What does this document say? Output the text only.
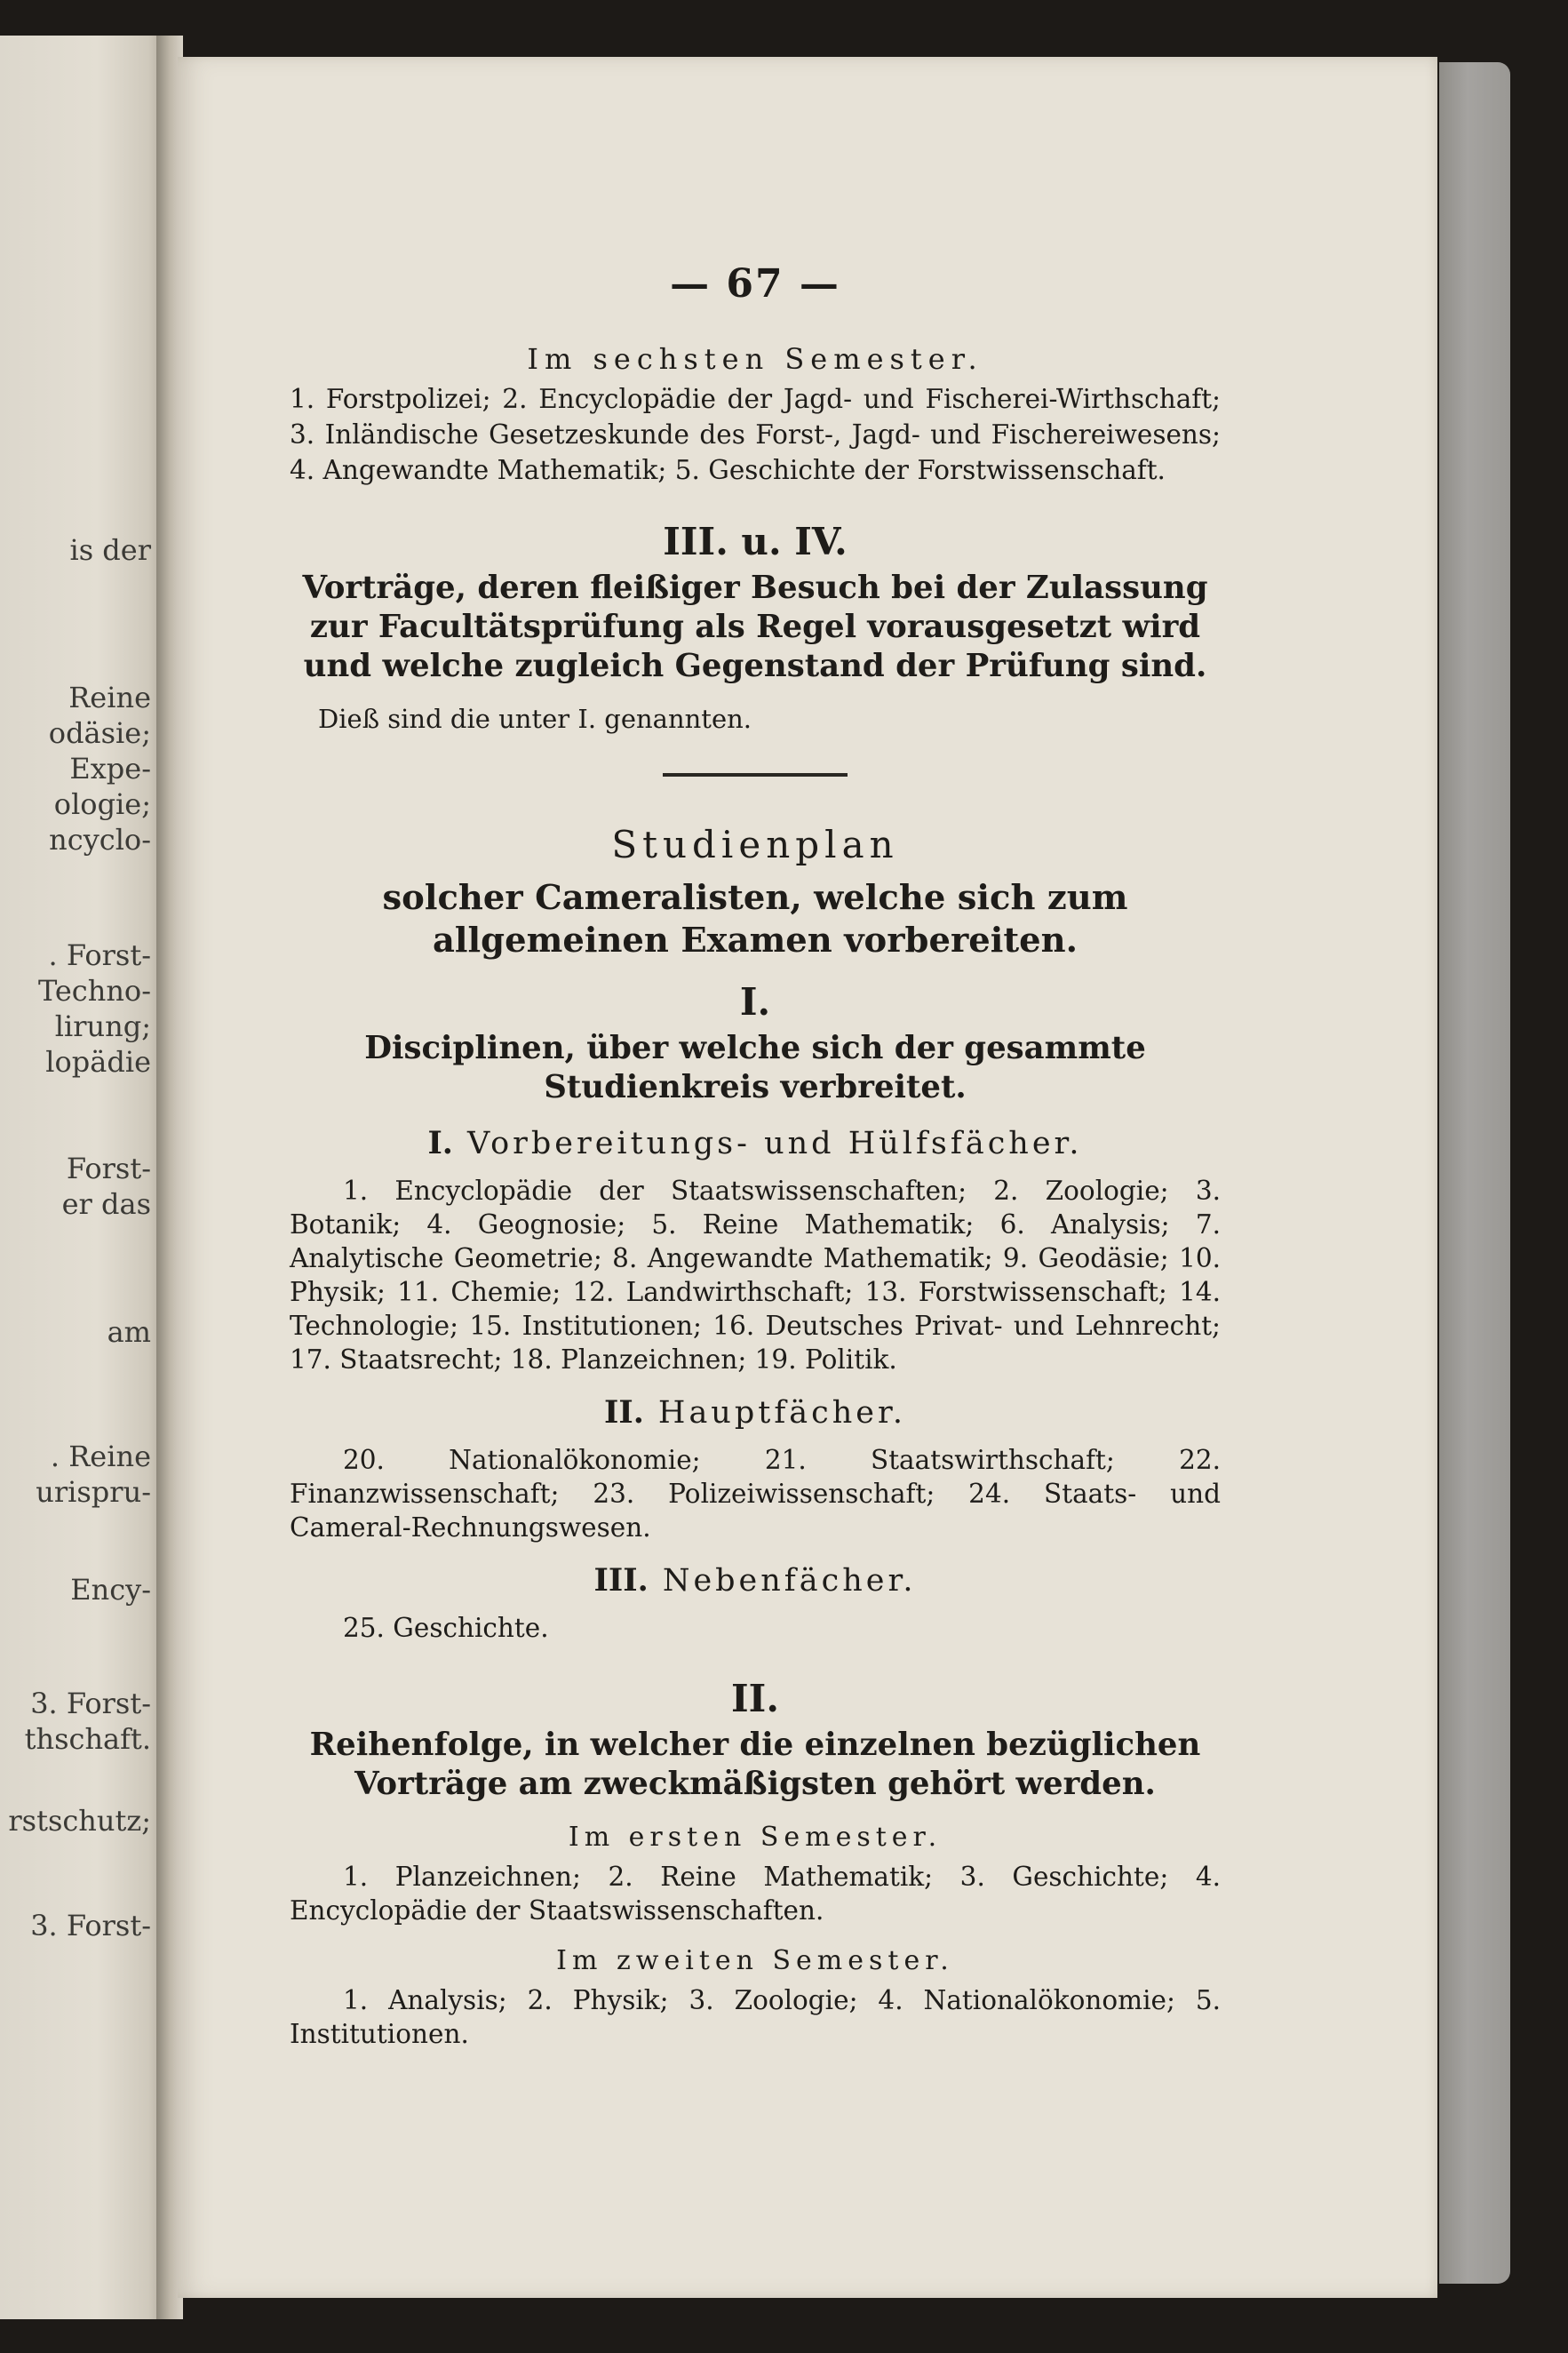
is der
Reine
odäsie;
Expe-
ologie;
ncyclo-
. Forst-
Techno-
lirung;
lopädie
Forst-
er das
am
. Reine
urispru-
Ency-
3. Forst-
thschaft.
rstschutz;
3. Forst-
— 67 —

Im sechsten Semester.

1. Forstpolizei; 2. Encyclopädie der Jagd- und Fischerei-Wirthschaft; 3. Inländische Gesetzeskunde des Forst-, Jagd- und Fischereiwesens; 4. Angewandte Mathematik; 5. Geschichte der Forstwissenschaft.

III. u. IV.

Vorträge, deren fleißiger Besuch bei der Zulassung zur Facultätsprüfung als Regel vorausgesetzt wird und welche zugleich Gegenstand der Prüfung sind.

Dieß sind die unter I. genannten.

Studienplan

solcher Cameralisten, welche sich zum allgemeinen Examen vorbereiten.

I.

Disciplinen, über welche sich der gesammte Studienkreis verbreitet.

I. Vorbereitungs- und Hülfsfächer.

1. Encyclopädie der Staatswissenschaften; 2. Zoologie; 3. Botanik; 4. Geognosie; 5. Reine Mathematik; 6. Analysis; 7. Analytische Geometrie; 8. Angewandte Mathematik; 9. Geodäsie; 10. Physik; 11. Chemie; 12. Landwirthschaft; 13. Forstwissenschaft; 14. Technologie; 15. Institutionen; 16. Deutsches Privat- und Lehnrecht; 17. Staatsrecht; 18. Planzeichnen; 19. Politik.

II. Hauptfächer.

20. Nationalökonomie; 21. Staatswirthschaft; 22. Finanzwissenschaft; 23. Polizeiwissenschaft; 24. Staats- und Cameral-Rechnungswesen.

III. Nebenfächer.

25. Geschichte.

II.

Reihenfolge, in welcher die einzelnen bezüglichen Vorträge am zweckmäßigsten gehört werden.

Im ersten Semester.

1. Planzeichnen; 2. Reine Mathematik; 3. Geschichte; 4. Encyclopädie der Staatswissenschaften.

Im zweiten Semester.

1. Analysis; 2. Physik; 3. Zoologie; 4. Nationalökonomie; 5. Institutionen.
